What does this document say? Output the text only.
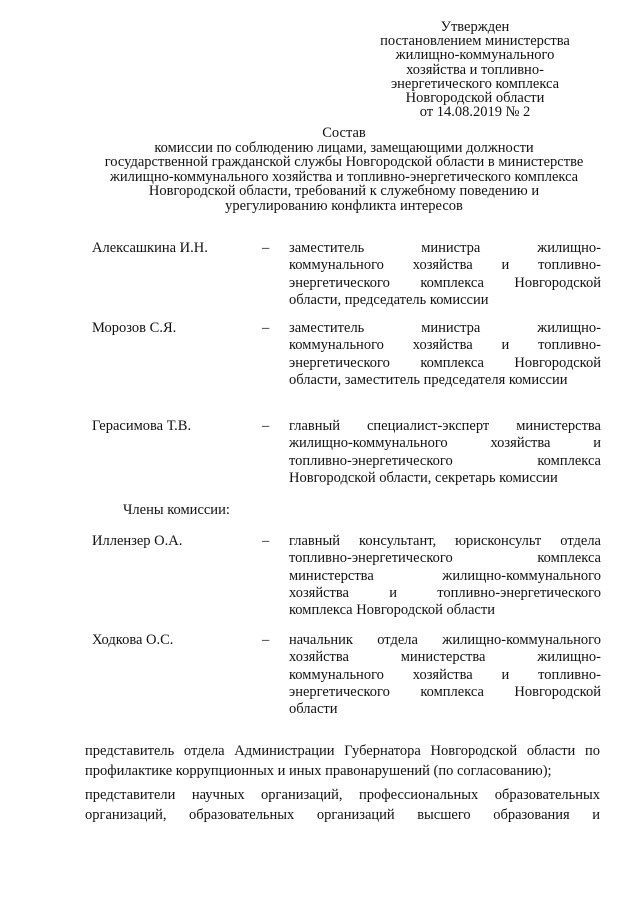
Утвержден
постановлением министерства
жилищно-коммунального
хозяйства и топливно-
энергетического комплекса
Новгородской области
от 14.08.2019 № 2
Состав
комиссии по соблюдению лицами, замещающими должности
государственной гражданской службы Новгородской области в министерстве
жилищно-коммунального хозяйства и топливно-энергетического комплекса
Новгородской области, требований к служебному поведению и
урегулированию конфликта интересов
Алексашкина И.Н.	– заместитель министра жилищно-
коммунального хозяйства и топливно-
энергетического комплекса Новгородской
области, председатель комиссии
Морозов С.Я.	– заместитель министра жилищно-
коммунального хозяйства и топливно-
энергетического комплекса Новгородской
области, заместитель председателя комиссии
Герасимова Т.В.	– главный специалист-эксперт министерства
жилищно-коммунального хозяйства и
топливно-энергетического комплекса
Новгородской области, секретарь комиссии
Члены комиссии:
Иллензер О.А.	– главный консультант, юрисконсульт отдела
топливно-энергетического комплекса
министерства жилищно-коммунального
хозяйства и топливно-энергетического
комплекса Новгородской области
Ходкова О.С.	– начальник отдела жилищно-коммунального
хозяйства министерства жилищно-
коммунального хозяйства и топливно-
энергетического комплекса Новгородской
области
представитель отдела Администрации Губернатора Новгородской области по
профилактике коррупционных и иных правонарушений (по согласованию);
представители научных организаций, профессиональных образовательных
организаций, образовательных организаций высшего образования и
